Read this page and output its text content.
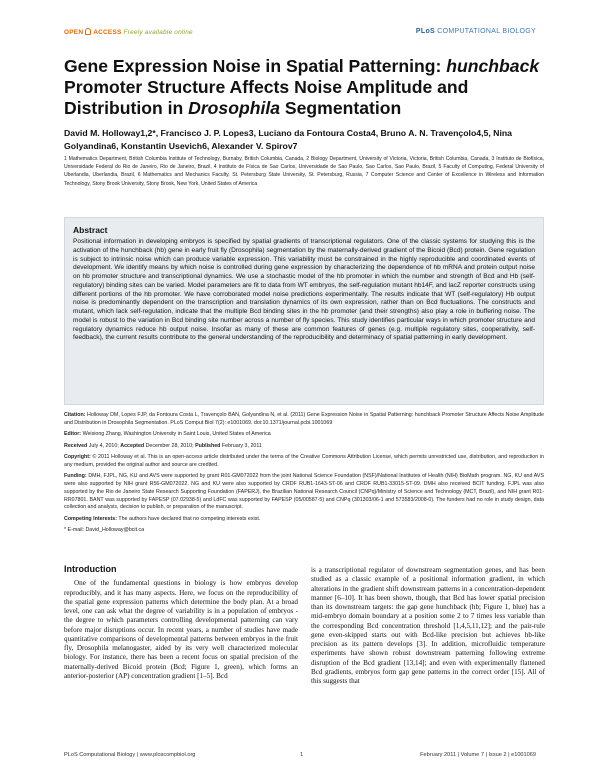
OPEN ACCESS Freely available online	PLoS COMPUTATIONAL BIOLOGY
Gene Expression Noise in Spatial Patterning: hunchback
Promoter Structure Affects Noise Amplitude and
Distribution in Drosophila Segmentation
David M. Holloway1,2*, Francisco J. P. Lopes3, Luciano da Fontoura Costa4, Bruno A. N. Travençolo4,5, Nina Golyandina6, Konstantin Usevich6, Alexander V. Spirov7
1 Mathematics Department, British Columbia Institute of Technology, Burnaby, British Columbia, Canada, 2 Biology Department, University of Victoria, Victoria, British Columbia, Canada, 3 Instituto de Biofísica, Universidade Federal do Rio de Janeiro, Rio de Janeiro, Brazil, 4 Instituto de Física de Sao Carlos, Universidade de Sao Paulo, Sao Carlos, Sao Paulo, Brazil, 5 Faculty of Computing, Federal University of Uberlandia, Uberlandia, Brazil, 6 Mathematics and Mechanics Faculty, St. Petersburg State University, St. Petersburg, Russia, 7 Computer Science and Center of Excellence in Wireless and Information Technology, Stony Brook University, Stony Brook, New York, United States of America
Abstract
Positional information in developing embryos is specified by spatial gradients of transcriptional regulators. One of the classic systems for studying this is the activation of the hunchback (hb) gene in early fruit fly (Drosophila) segmentation by the maternally-derived gradient of the Bicoid (Bcd) protein. Gene regulation is subject to intrinsic noise which can produce variable expression. This variability must be constrained in the highly reproducible and coordinated events of development. We identify means by which noise is controlled during gene expression by characterizing the dependence of hb mRNA and protein output noise on hb promoter structure and transcriptional dynamics. We use a stochastic model of the hb promoter in which the number and strength of Bcd and Hb (self-regulatory) binding sites can be varied. Model parameters are fit to data from WT embryos, the self-regulation mutant hb14F, and lacZ reporter constructs using different portions of the hb promoter. We have corroborated model noise predictions experimentally. The results indicate that WT (self-regulatory) Hb output noise is predominantly dependent on the transcription and translation dynamics of its own expression, rather than on Bcd fluctuations. The constructs and mutant, which lack self-regulation, indicate that the multiple Bcd binding sites in the hb promoter (and their strengths) also play a role in buffering noise. The model is robust to the variation in Bcd binding site number across a number of fly species. This study identifies particular ways in which promoter structure and regulatory dynamics reduce hb output noise. Insofar as many of these are common features of genes (e.g. multiple regulatory sites, cooperativity, self-feedback), the current results contribute to the general understanding of the reproducibility and determinacy of spatial patterning in early development.

Citation: Holloway DM, Lopes FJP, da Fontoura Costa L, Travençolo BAN, Golyandina N, et al. (2011) Gene Expression Noise in Spatial Patterning: hunchback Promoter Structure Affects Noise Amplitude and Distribution in Drosophila Segmentation. PLoS Comput Biol 7(2): e1001069. doi:10.1371/journal.pcbi.1001069

Editor: Weixiong Zhang, Washington University in Saint Louis, United States of America

Received July 4, 2010; Accepted December 28, 2010; Published February 3, 2011

Copyright: © 2011 Holloway et al. This is an open-access article distributed under the terms of the Creative Commons Attribution License, which permits unrestricted use, distribution, and reproduction in any medium, provided the original author and source are credited.

Funding: DMH, FJPL, NG, KU and AVS were supported by grant R01-GM072022 from the joint National Science Foundation (NSF)/National Institutes of Health (NIH) BioMath program. NG, KU and AVS were also supported by NIH grant R56-GM072022. NG and KU were also supported by CRDF RUB1-1643-ST-06 and CRDF RUB1-33015-ST-09. DMH also received BCIT funding. FJPL was also supported by the Rio de Janeiro State Research Supporting Foundation (FAPERJ), the Brazilian National Research Council (CNPq)/Ministry of Science and Technology (MCT, Brazil), and NIH grant R01-RR07801. BANT was supported by FAPESP (07.02938-5) and LdFC was supported by FAPESP (05/00587-5) and CNPq (301303/06-1 and 573583/2008-0). The funders had no role in study design, data collection and analysis, decision to publish, or preparation of the manuscript.

Competing Interests: The authors have declared that no competing interests exist.

* E-mail: David_Holloway@bcit.ca

Introduction

One of the fundamental questions in biology is how embryos develop reproducibly, and it has many aspects. Here, we focus on the reproducibility of the spatial gene expression patterns which determine the body plan. At a broad level, one can ask what the degree of variability is in a population of embryos - the degree to which parameters controlling developmental patterning can vary before major disruptions occur. In recent years, a number of studies have made quantitative comparisons of developmental patterns between embryos in the fruit fly, Drosophila melanogaster, aided by its very well characterized molecular biology. For instance, there has been a recent focus on spatial precision of the maternally-derived Bicoid protein (Bcd; Figure 1, green), which forms an anterior-posterior (AP) concentration gradient [1–5]. Bcd

is a transcriptional regulator of downstream segmentation genes, and has been studied as a classic example of a positional information gradient, in which alterations in the gradient shift downstream patterns in a concentration-dependent manner [6–10]. It has been shown, though, that Bcd has lower spatial precision than its downstream targets: the gap gene hunchback (hb; Figure 1, blue) has a mid-embryo domain boundary at a position some 2 to 7 times less variable than the corresponding Bcd concentration threshold [1,4,5,11,12]; and the pair-rule gene even-skipped starts out with Bcd-like precision but achieves hb-like precision as its pattern develops [3]. In addition, microfluidic temperature experiments have shown robust downstream patterning following extreme disruption of the Bcd gradient [13,14]; and even with experimentally flattened Bcd gradients, embryos form gap gene patterns in the correct order [15]. All of this suggests that

PLoS Computational Biology | www.ploscompbiol.org	1	February 2011 | Volume 7 | Issue 2 | e1001069
